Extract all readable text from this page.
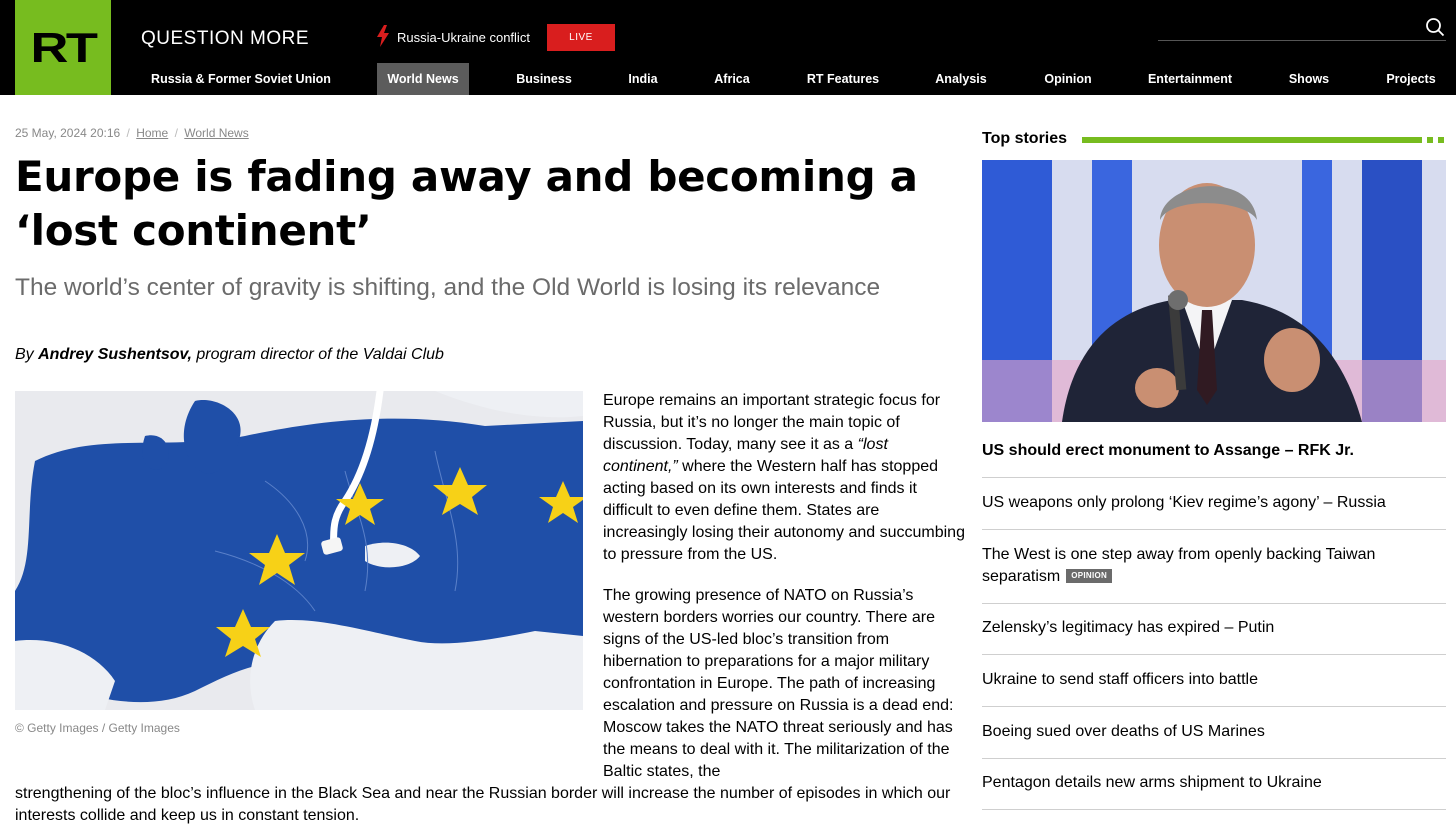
RT QUESTION MORE	Russia-Ukraine conflict	LIVE
Russia & Former Soviet Union	World News	Business	India	Africa	RT Features	Analysis	Opinion	Entertainment	Shows	Projects
25 May, 2024 20:16 / Home / World News
Europe is fading away and becoming a ‘lost continent’
The world’s center of gravity is shifting, and the Old World is losing its relevance
By Andrey Sushentsov, program director of the Valdai Club
© Getty Images / Getty Images

Europe remains an important strategic focus for Russia, but it’s no longer the main topic of discussion. Today, many see it as a “lost continent,” where the Western half has stopped acting based on its own interests and finds it difficult to even define them. States are increasingly losing their autonomy and succumbing to pressure from the US.

The growing presence of NATO on Russia’s western borders worries our country. There are signs of the US-led bloc’s transition from hibernation to preparations for a major military confrontation in Europe. The path of increasing escalation and pressure on Russia is a dead end: Moscow takes the NATO threat seriously and has the means to deal with it. The militarization of the Baltic states, the

strengthening of the bloc’s influence in the Black Sea and near the Russian border will increase the number of episodes in which our interests collide and keep us in constant tension.

Top stories
US should erect monument to Assange – RFK Jr.
US weapons only prolong ‘Kiev regime’s agony’ – Russia
The West is one step away from openly backing Taiwan separatism OPINION
Zelensky’s legitimacy has expired – Putin
Ukraine to send staff officers into battle
Boeing sued over deaths of US Marines
Pentagon details new arms shipment to Ukraine
